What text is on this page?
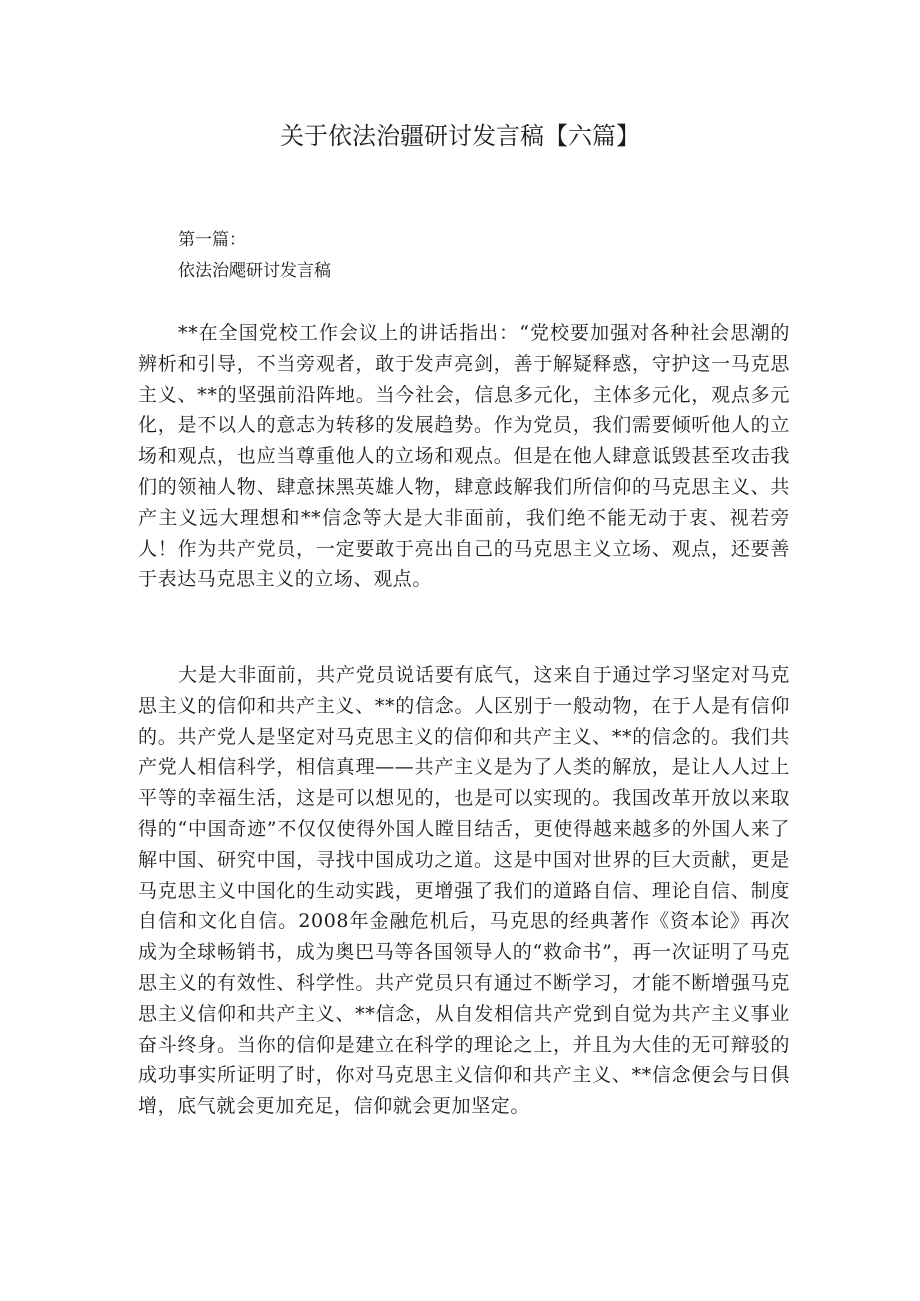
关于依法治疆研讨发言稿【六篇】

第一篇：

依法治飔研讨发言稿

**在全国党校工作会议上的讲话指出：“党校要加强对各种社会思潮的辨析和引导，不当旁观者，敢于发声亮剑，善于解疑释惑，守护这一马克思主义、**的坚强前沿阵地。当今社会，信息多元化，主体多元化，观点多元化，是不以人的意志为转移的发展趋势。作为党员，我们需要倾听他人的立场和观点，也应当尊重他人的立场和观点。但是在他人肆意诋毁甚至攻击我们的领袖人物、肆意抹黑英雄人物，肆意歧解我们所信仰的马克思主义、共产主义远大理想和**信念等大是大非面前，我们绝不能无动于衷、视若旁人！作为共产党员，一定要敢于亮出自己的马克思主义立场、观点，还要善于表达马克思主义的立场、观点。

大是大非面前，共产党员说话要有底气，这来自于通过学习坚定对马克思主义的信仰和共产主义、**的信念。人区别于一般动物，在于人是有信仰的。共产党人是坚定对马克思主义的信仰和共产主义、**的信念的。我们共产党人相信科学，相信真理——共产主义是为了人类的解放，是让人人过上平等的幸福生活，这是可以想见的，也是可以实现的。我国改革开放以来取得的“中国奇迹”不仅仅使得外国人瞠目结舌，更使得越来越多的外国人来了解中国、研究中国，寻找中国成功之道。这是中国对世界的巨大贡献，更是马克思主义中国化的生动实践，更增强了我们的道路自信、理论自信、制度自信和文化自信。2008年金融危机后，马克思的经典著作《资本论》再次成为全球畅销书，成为奥巴马等各国领导人的“救命书”，再一次证明了马克思主义的有效性、科学性。共产党员只有通过不断学习，才能不断增强马克思主义信仰和共产主义、**信念，从自发相信共产党到自觉为共产主义事业奋斗终身。当你的信仰是建立在科学的理论之上，并且为大佳的无可辩驳的成功事实所证明了时，你对马克思主义信仰和共产主义、**信念便会与日俱增，底气就会更加充足，信仰就会更加坚定。
